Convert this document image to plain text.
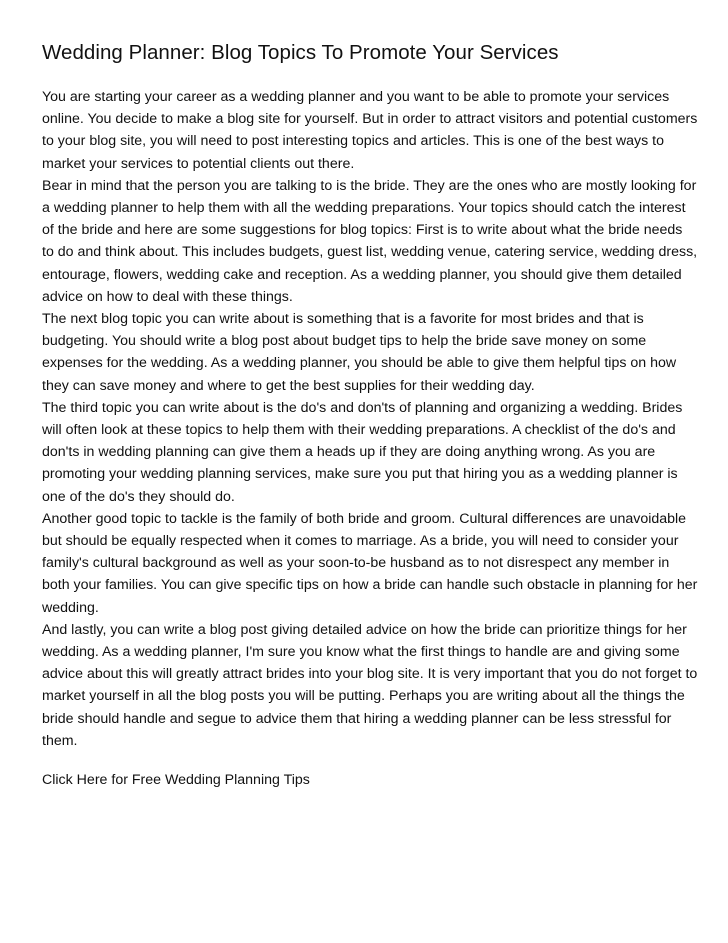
Wedding Planner: Blog Topics To Promote Your Services

You are starting your career as a wedding planner and you want to be able to promote your services online. You decide to make a blog site for yourself. But in order to attract visitors and potential customers to your blog site, you will need to post interesting topics and articles. This is one of the best ways to market your services to potential clients out there.

Bear in mind that the person you are talking to is the bride. They are the ones who are mostly looking for a wedding planner to help them with all the wedding preparations. Your topics should catch the interest of the bride and here are some suggestions for blog topics: First is to write about what the bride needs to do and think about. This includes budgets, guest list, wedding venue, catering service, wedding dress, entourage, flowers, wedding cake and reception. As a wedding planner, you should give them detailed advice on how to deal with these things.

The next blog topic you can write about is something that is a favorite for most brides and that is budgeting. You should write a blog post about budget tips to help the bride save money on some expenses for the wedding. As a wedding planner, you should be able to give them helpful tips on how they can save money and where to get the best supplies for their wedding day.

The third topic you can write about is the do's and don'ts of planning and organizing a wedding. Brides will often look at these topics to help them with their wedding preparations. A checklist of the do's and don'ts in wedding planning can give them a heads up if they are doing anything wrong. As you are promoting your wedding planning services, make sure you put that hiring you as a wedding planner is one of the do's they should do.

Another good topic to tackle is the family of both bride and groom. Cultural differences are unavoidable but should be equally respected when it comes to marriage. As a bride, you will need to consider your family's cultural background as well as your soon-to-be husband as to not disrespect any member in both your families. You can give specific tips on how a bride can handle such obstacle in planning for her wedding.

And lastly, you can write a blog post giving detailed advice on how the bride can prioritize things for her wedding. As a wedding planner, I'm sure you know what the first things to handle are and giving some advice about this will greatly attract brides into your blog site. It is very important that you do not forget to market yourself in all the blog posts you will be putting. Perhaps you are writing about all the things the bride should handle and segue to advice them that hiring a wedding planner can be less stressful for them.

Click Here for Free Wedding Planning Tips
